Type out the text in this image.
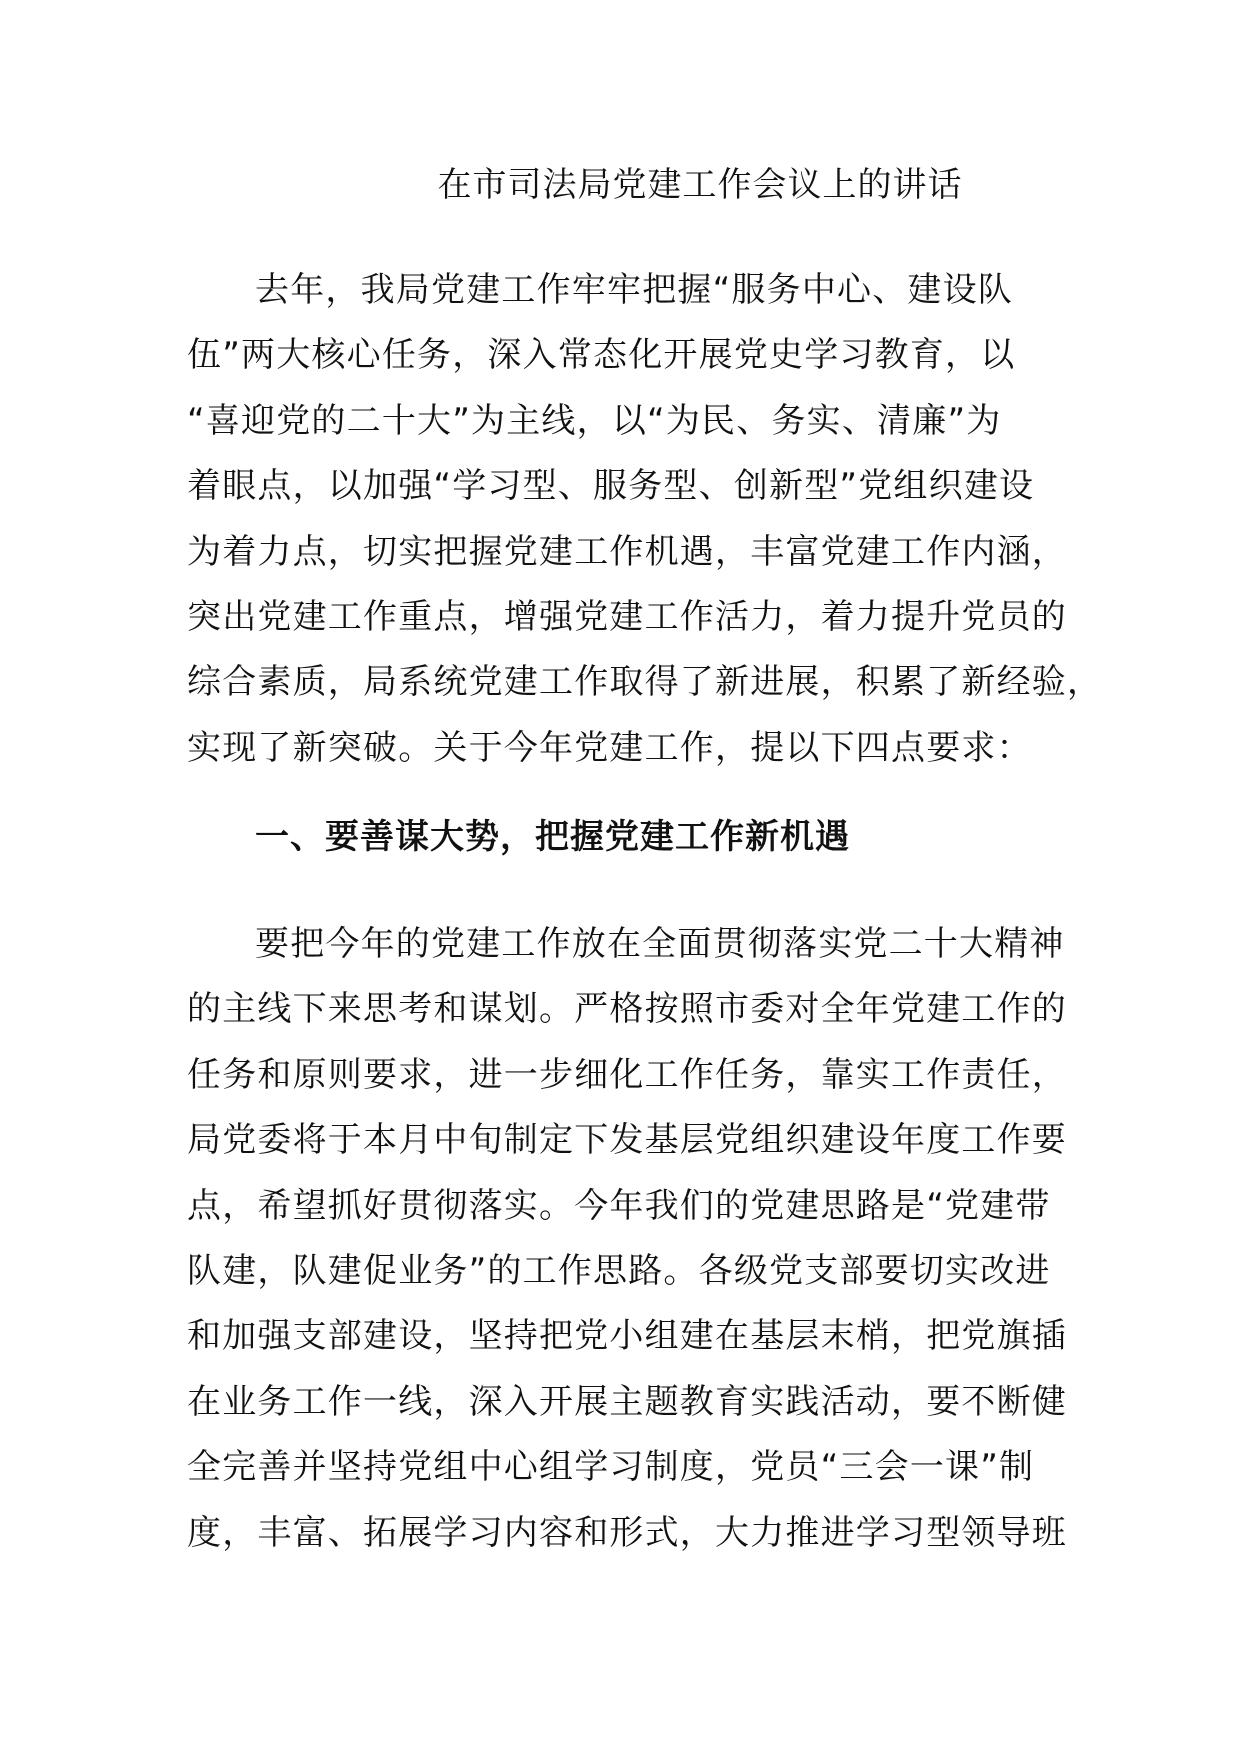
在市司法局党建工作会议上的讲话
去年，我局党建工作牢牢把握“服务中心、建设队
伍”两大核心任务，深入常态化开展党史学习教育，以
“喜迎党的二十大”为主线，以“为民、务实、清廉”为
着眼点，以加强“学习型、服务型、创新型”党组织建设
为着力点，切实把握党建工作机遇，丰富党建工作内涵，
突出党建工作重点，增强党建工作活力，着力提升党员的
综合素质，局系统党建工作取得了新进展，积累了新经验，
实现了新突破。关于今年党建工作，提以下四点要求：
一、要善谋大势，把握党建工作新机遇
要把今年的党建工作放在全面贯彻落实党二十大精神
的主线下来思考和谋划。严格按照市委对全年党建工作的
任务和原则要求，进一步细化工作任务，靠实工作责任，
局党委将于本月中旬制定下发基层党组织建设年度工作要
点，希望抓好贯彻落实。今年我们的党建思路是“党建带
队建，队建促业务”的工作思路。各级党支部要切实改进
和加强支部建设，坚持把党小组建在基层末梢，把党旗插
在业务工作一线，深入开展主题教育实践活动，要不断健
全完善并坚持党组中心组学习制度，党员“三会一课”制
度，丰富、拓展学习内容和形式，大力推进学习型领导班
